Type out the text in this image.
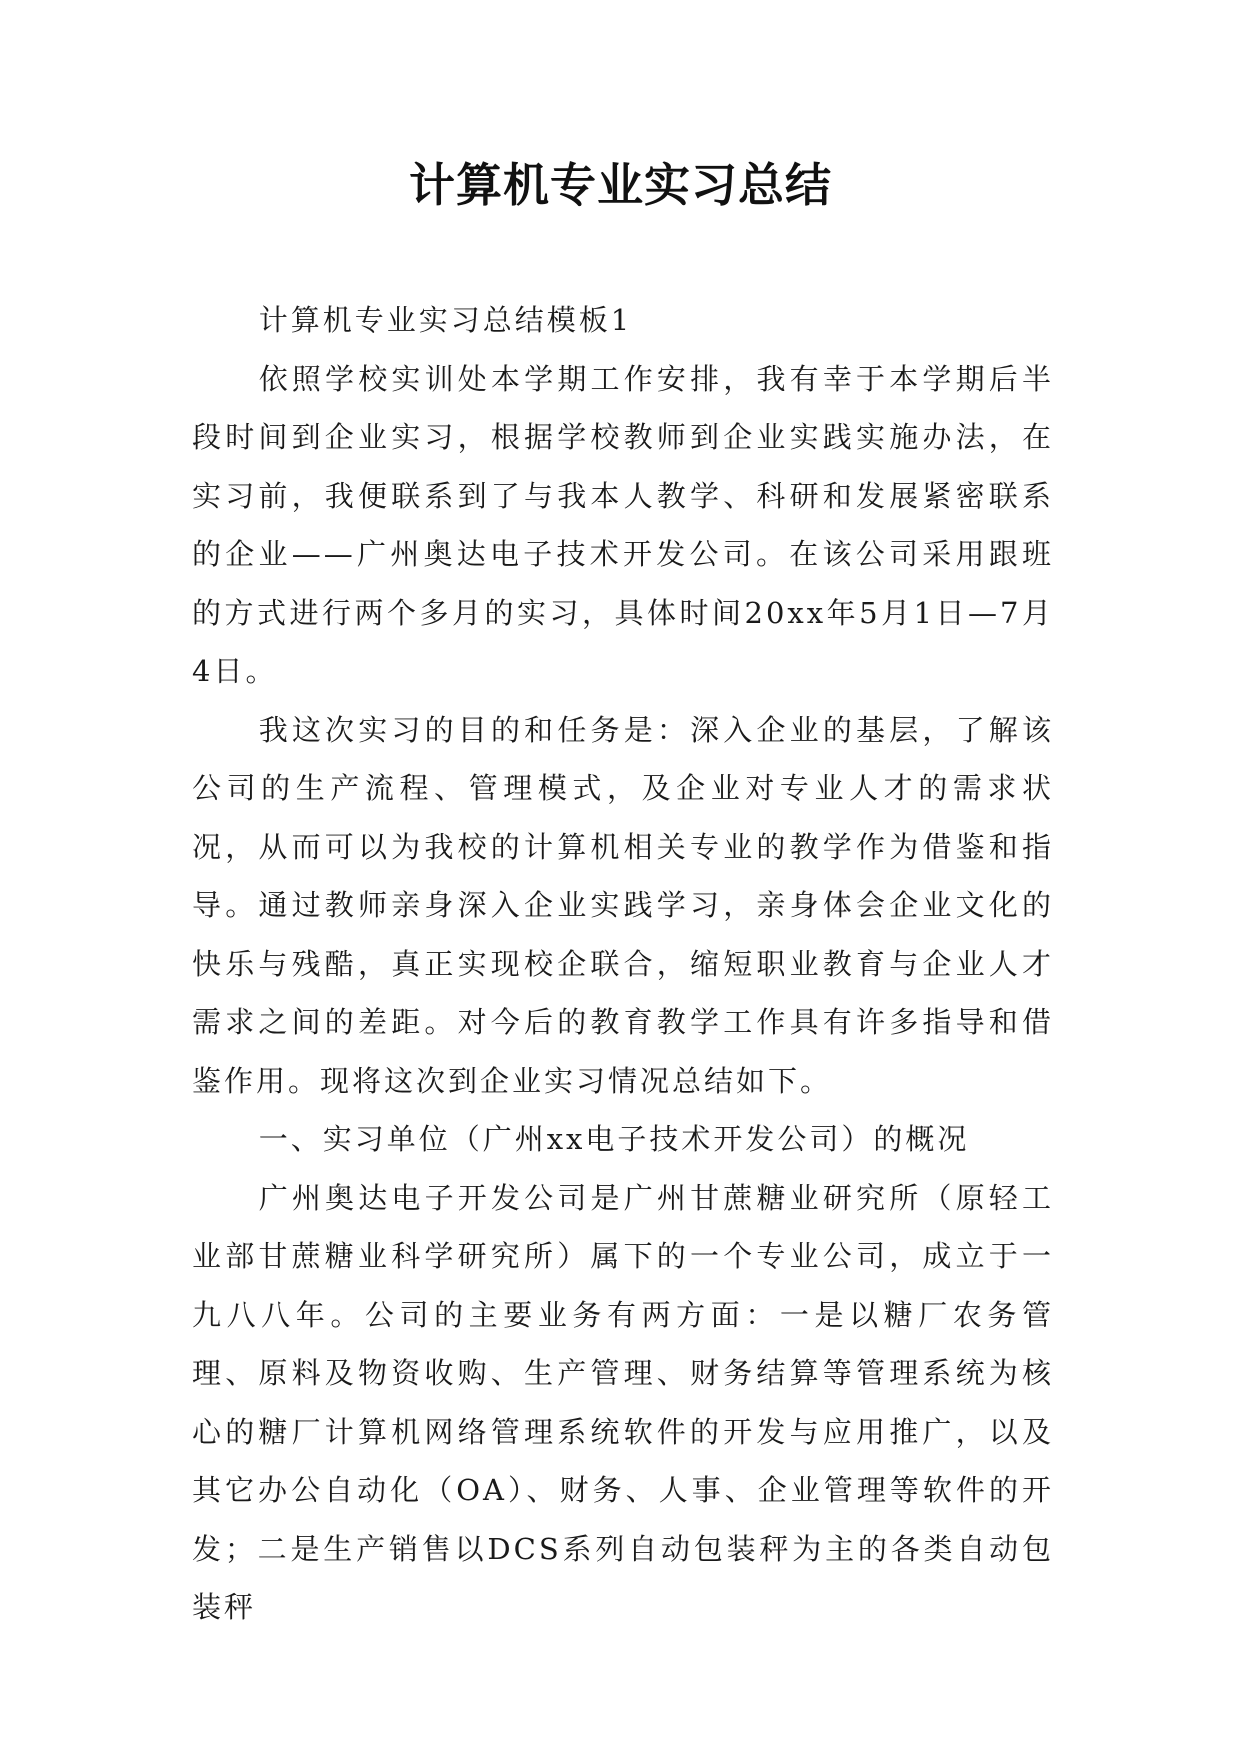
计算机专业实习总结

计算机专业实习总结模板1

依照学校实训处本学期工作安排，我有幸于本学期后半段时间到企业实习，根据学校教师到企业实践实施办法，在实习前，我便联系到了与我本人教学、科研和发展紧密联系的企业——广州奥达电子技术开发公司。在该公司采用跟班的方式进行两个多月的实习，具体时间20xx年5月1日—7月4日。

我这次实习的目的和任务是：深入企业的基层，了解该公司的生产流程、管理模式，及企业对专业人才的需求状况，从而可以为我校的计算机相关专业的教学作为借鉴和指导。通过教师亲身深入企业实践学习，亲身体会企业文化的快乐与残酷，真正实现校企联合，缩短职业教育与企业人才需求之间的差距。对今后的教育教学工作具有许多指导和借鉴作用。现将这次到企业实习情况总结如下。

一、实习单位（广州xx电子技术开发公司）的概况

广州奥达电子开发公司是广州甘蔗糖业研究所（原轻工业部甘蔗糖业科学研究所）属下的一个专业公司，成立于一九八八年。公司的主要业务有两方面：一是以糖厂农务管理、原料及物资收购、生产管理、财务结算等管理系统为核心的糖厂计算机网络管理系统软件的开发与应用推广，以及其它办公自动化（OA）、财务、人事、企业管理等软件的开发；二是生产销售以DCS系列自动包装秤为主的各类自动包装秤
